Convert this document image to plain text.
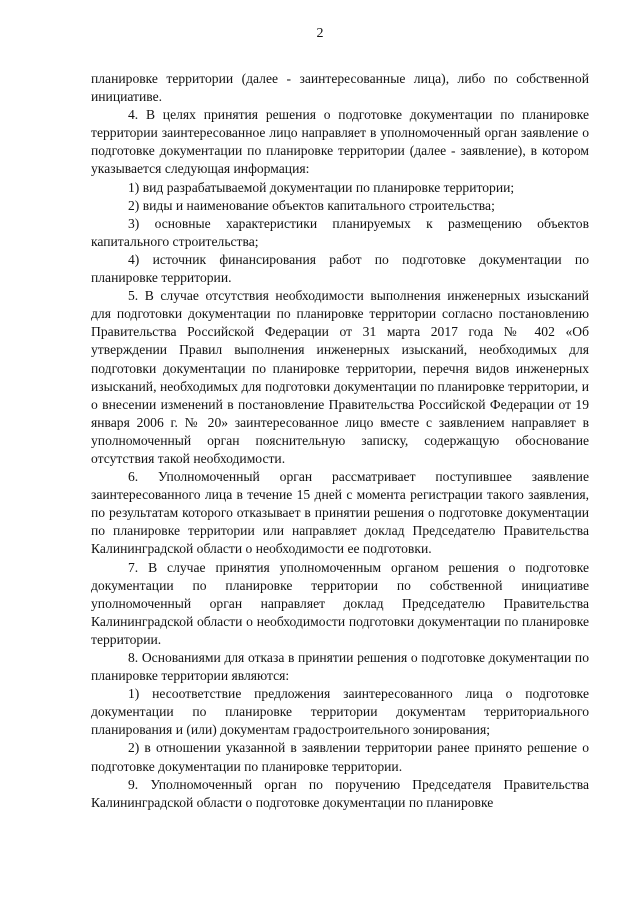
2

планировке территории (далее - заинтересованные лица), либо по собственной инициативе.

4. В целях принятия решения о подготовке документации по планировке территории заинтересованное лицо направляет в уполномоченный орган заявление о подготовке документации по планировке территории (далее - заявление), в котором указывается следующая информация:

1) вид разрабатываемой документации по планировке территории;

2) виды и наименование объектов капитального строительства;

3) основные характеристики планируемых к размещению объектов капитального строительства;

4) источник финансирования работ по подготовке документации по планировке территории.

5. В случае отсутствия необходимости выполнения инженерных изысканий для подготовки документации по планировке территории согласно постановлению Правительства Российской Федерации от 31 марта 2017 года № 402 «Об утверждении Правил выполнения инженерных изысканий, необходимых для подготовки документации по планировке территории, перечня видов инженерных изысканий, необходимых для подготовки документации по планировке территории, и о внесении изменений в постановление Правительства Российской Федерации от 19 января 2006 г. № 20» заинтересованное лицо вместе с заявлением направляет в уполномоченный орган пояснительную записку, содержащую обоснование отсутствия такой необходимости.

6. Уполномоченный орган рассматривает поступившее заявление заинтересованного лица в течение 15 дней с момента регистрации такого заявления, по результатам которого отказывает в принятии решения о подготовке документации по планировке территории или направляет доклад Председателю Правительства Калининградской области о необходимости ее подготовки.

7. В случае принятия уполномоченным органом решения о подготовке документации по планировке территории по собственной инициативе уполномоченный орган направляет доклад Председателю Правительства Калининградской области о необходимости подготовки документации по планировке территории.

8. Основаниями для отказа в принятии решения о подготовке документации по планировке территории являются:

1) несоответствие предложения заинтересованного лица о подготовке документации по планировке территории документам территориального планирования и (или) документам градостроительного зонирования;

2) в отношении указанной в заявлении территории ранее принято решение о подготовке документации по планировке территории.

9. Уполномоченный орган по поручению Председателя Правительства Калининградской области о подготовке документации по планировке
